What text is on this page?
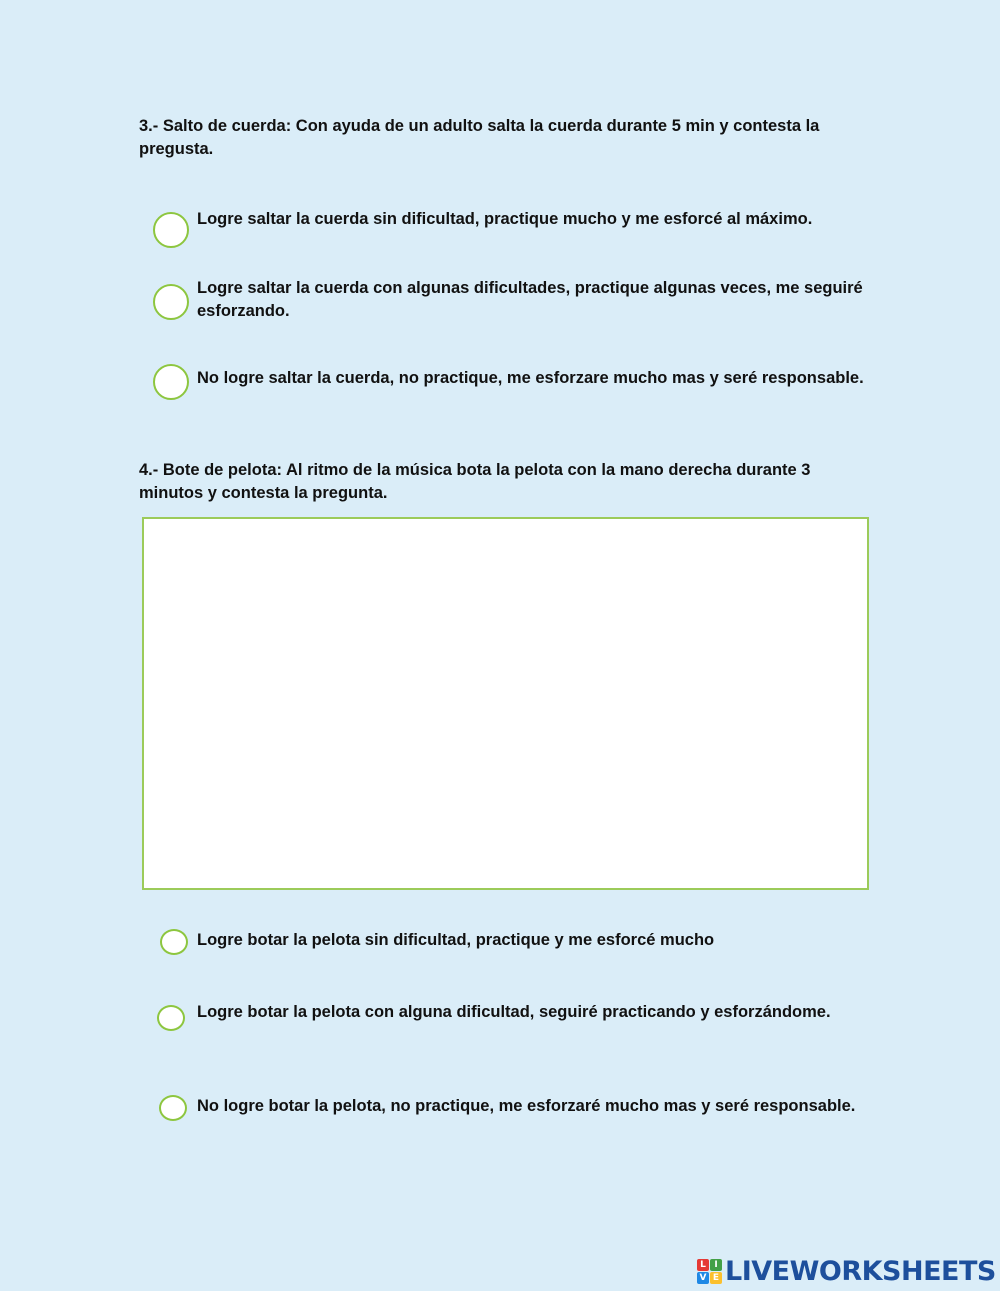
3.- Salto de cuerda: Con ayuda de un adulto salta la cuerda durante 5 min y contesta la pregusta.

Logre saltar la cuerda sin dificultad, practique mucho y me esforcé al máximo.

Logre saltar la cuerda con algunas dificultades, practique algunas veces, me seguiré esforzando.

No logre saltar la cuerda, no practique, me esforzare mucho mas y seré responsable.

4.- Bote de pelota: Al ritmo de la música bota la pelota con la mano derecha durante 3 minutos y contesta la pregunta.

Logre botar la pelota sin dificultad, practique y me esforcé mucho

Logre botar la pelota con alguna dificultad, seguiré practicando y esforzándome.

No logre botar la pelota, no practique, me esforzaré mucho mas y seré responsable.

L I
V E LIVEWORKSHEETS
